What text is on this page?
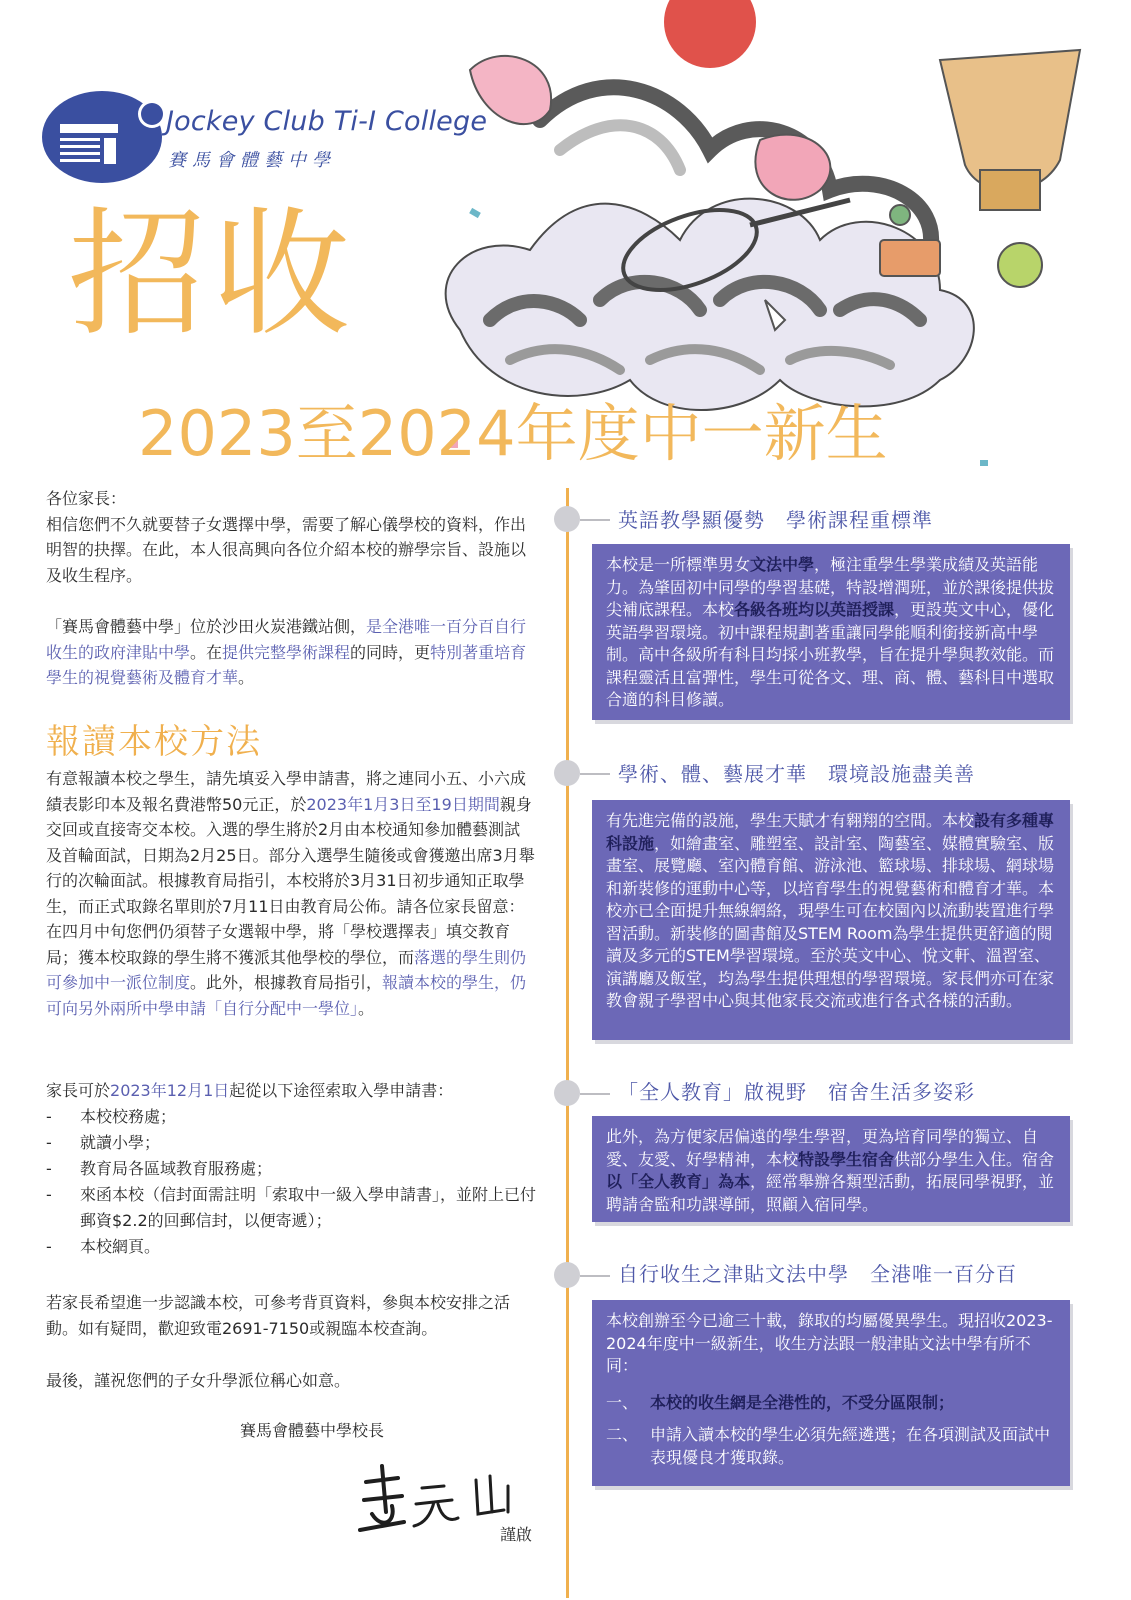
Jockey Club Ti-I College
賽馬會體藝中學
招收
2023至2024年度中一新生

各位家長：

相信您們不久就要替子女選擇中學，需要了解心儀學校的資料，作出明智的抉擇。在此，本人很高興向各位介紹本校的辦學宗旨、設施以及收生程序。

「賽馬會體藝中學」位於沙田火炭港鐵站側，是全港唯一百分百自行收生的政府津貼中學。在提供完整學術課程的同時，更特別著重培育學生的視覺藝術及體育才華。
報讀本校方法
有意報讀本校之學生，請先填妥入學申請書，將之連同小五、小六成績表影印本及報名費港幣50元正，於2023年1月3日至19日期間親身交回或直接寄交本校。入選的學生將於2月由本校通知參加體藝測試及首輪面試，日期為2月25日。部分入選學生隨後或會獲邀出席3月舉行的次輪面試。根據教育局指引，本校將於3月31日初步通知正取學生，而正式取錄名單則於7月11日由教育局公佈。請各位家長留意：在四月中旬您們仍須替子女選報中學，將「學校選擇表」填交教育局；獲本校取錄的學生將不獲派其他學校的學位，而落選的學生則仍可參加中一派位制度。此外，根據教育局指引，報讀本校的學生，仍可向另外兩所中學申請「自行分配中一學位」。
家長可於2023年12月1日起從以下途徑索取入學申請書：
-	本校校務處；
-	就讀小學；
-	教育局各區域教育服務處；
-	來函本校（信封面需註明「索取中一級入學申請書」，並附上已付郵資$2.2的回郵信封，以便寄遞）；
-	本校網頁。
若家長希望進一步認識本校，可參考背頁資料，參與本校安排之活動。如有疑問，歡迎致電2691-7150或親臨本校查詢。
最後，謹祝您們的子女升學派位稱心如意。
賽馬會體藝中學校長
謹啟
英語教學顯優勢　學術課程重標準
本校是一所標準男女文法中學，極注重學生學業成績及英語能力。為肇固初中同學的學習基礎，特設增潤班，並於課後提供拔尖補底課程。本校各級各班均以英語授課，更設英文中心，優化英語學習環境。初中課程規劃著重讓同學能順利銜接新高中學制。高中各級所有科目均採小班教學，旨在提升學與教效能。而課程靈活且富彈性，學生可從各文、理、商、體、藝科目中選取合適的科目修讀。
學術、體、藝展才華　環境設施盡美善
有先進完備的設施，學生天賦才有翱翔的空間。本校設有多種專科設施，如繪畫室、雕塑室、設計室、陶藝室、媒體實驗室、版畫室、展覽廳、室內體育館、游泳池、籃球場、排球場、網球場和新裝修的運動中心等，以培育學生的視覺藝術和體育才華。本校亦已全面提升無線網絡，現學生可在校園內以流動裝置進行學習活動。新裝修的圖書館及STEM Room為學生提供更舒適的閱讀及多元的STEM學習環境。至於英文中心、悅文軒、溫習室、演講廳及飯堂，均為學生提供理想的學習環境。家長們亦可在家教會親子學習中心與其他家長交流或進行各式各樣的活動。
「全人教育」啟視野　宿舍生活多姿彩
此外，為方便家居偏遠的學生學習，更為培育同學的獨立、自愛、友愛、好學精神，本校特設學生宿舍供部分學生入住。宿舍以「全人教育」為本，經常舉辦各類型活動，拓展同學視野，並聘請舍監和功課導師，照顧入宿同學。
自行收生之津貼文法中學　全港唯一百分百
本校創辦至今已逾三十載，錄取的均屬優異學生。現招收2023-2024年度中一級新生，收生方法跟一般津貼文法中學有所不同：
一、 本校的收生網是全港性的，不受分區限制；
二、 申請入讀本校的學生必須先經遴選；在各項測試及面試中表現優良才獲取錄。
